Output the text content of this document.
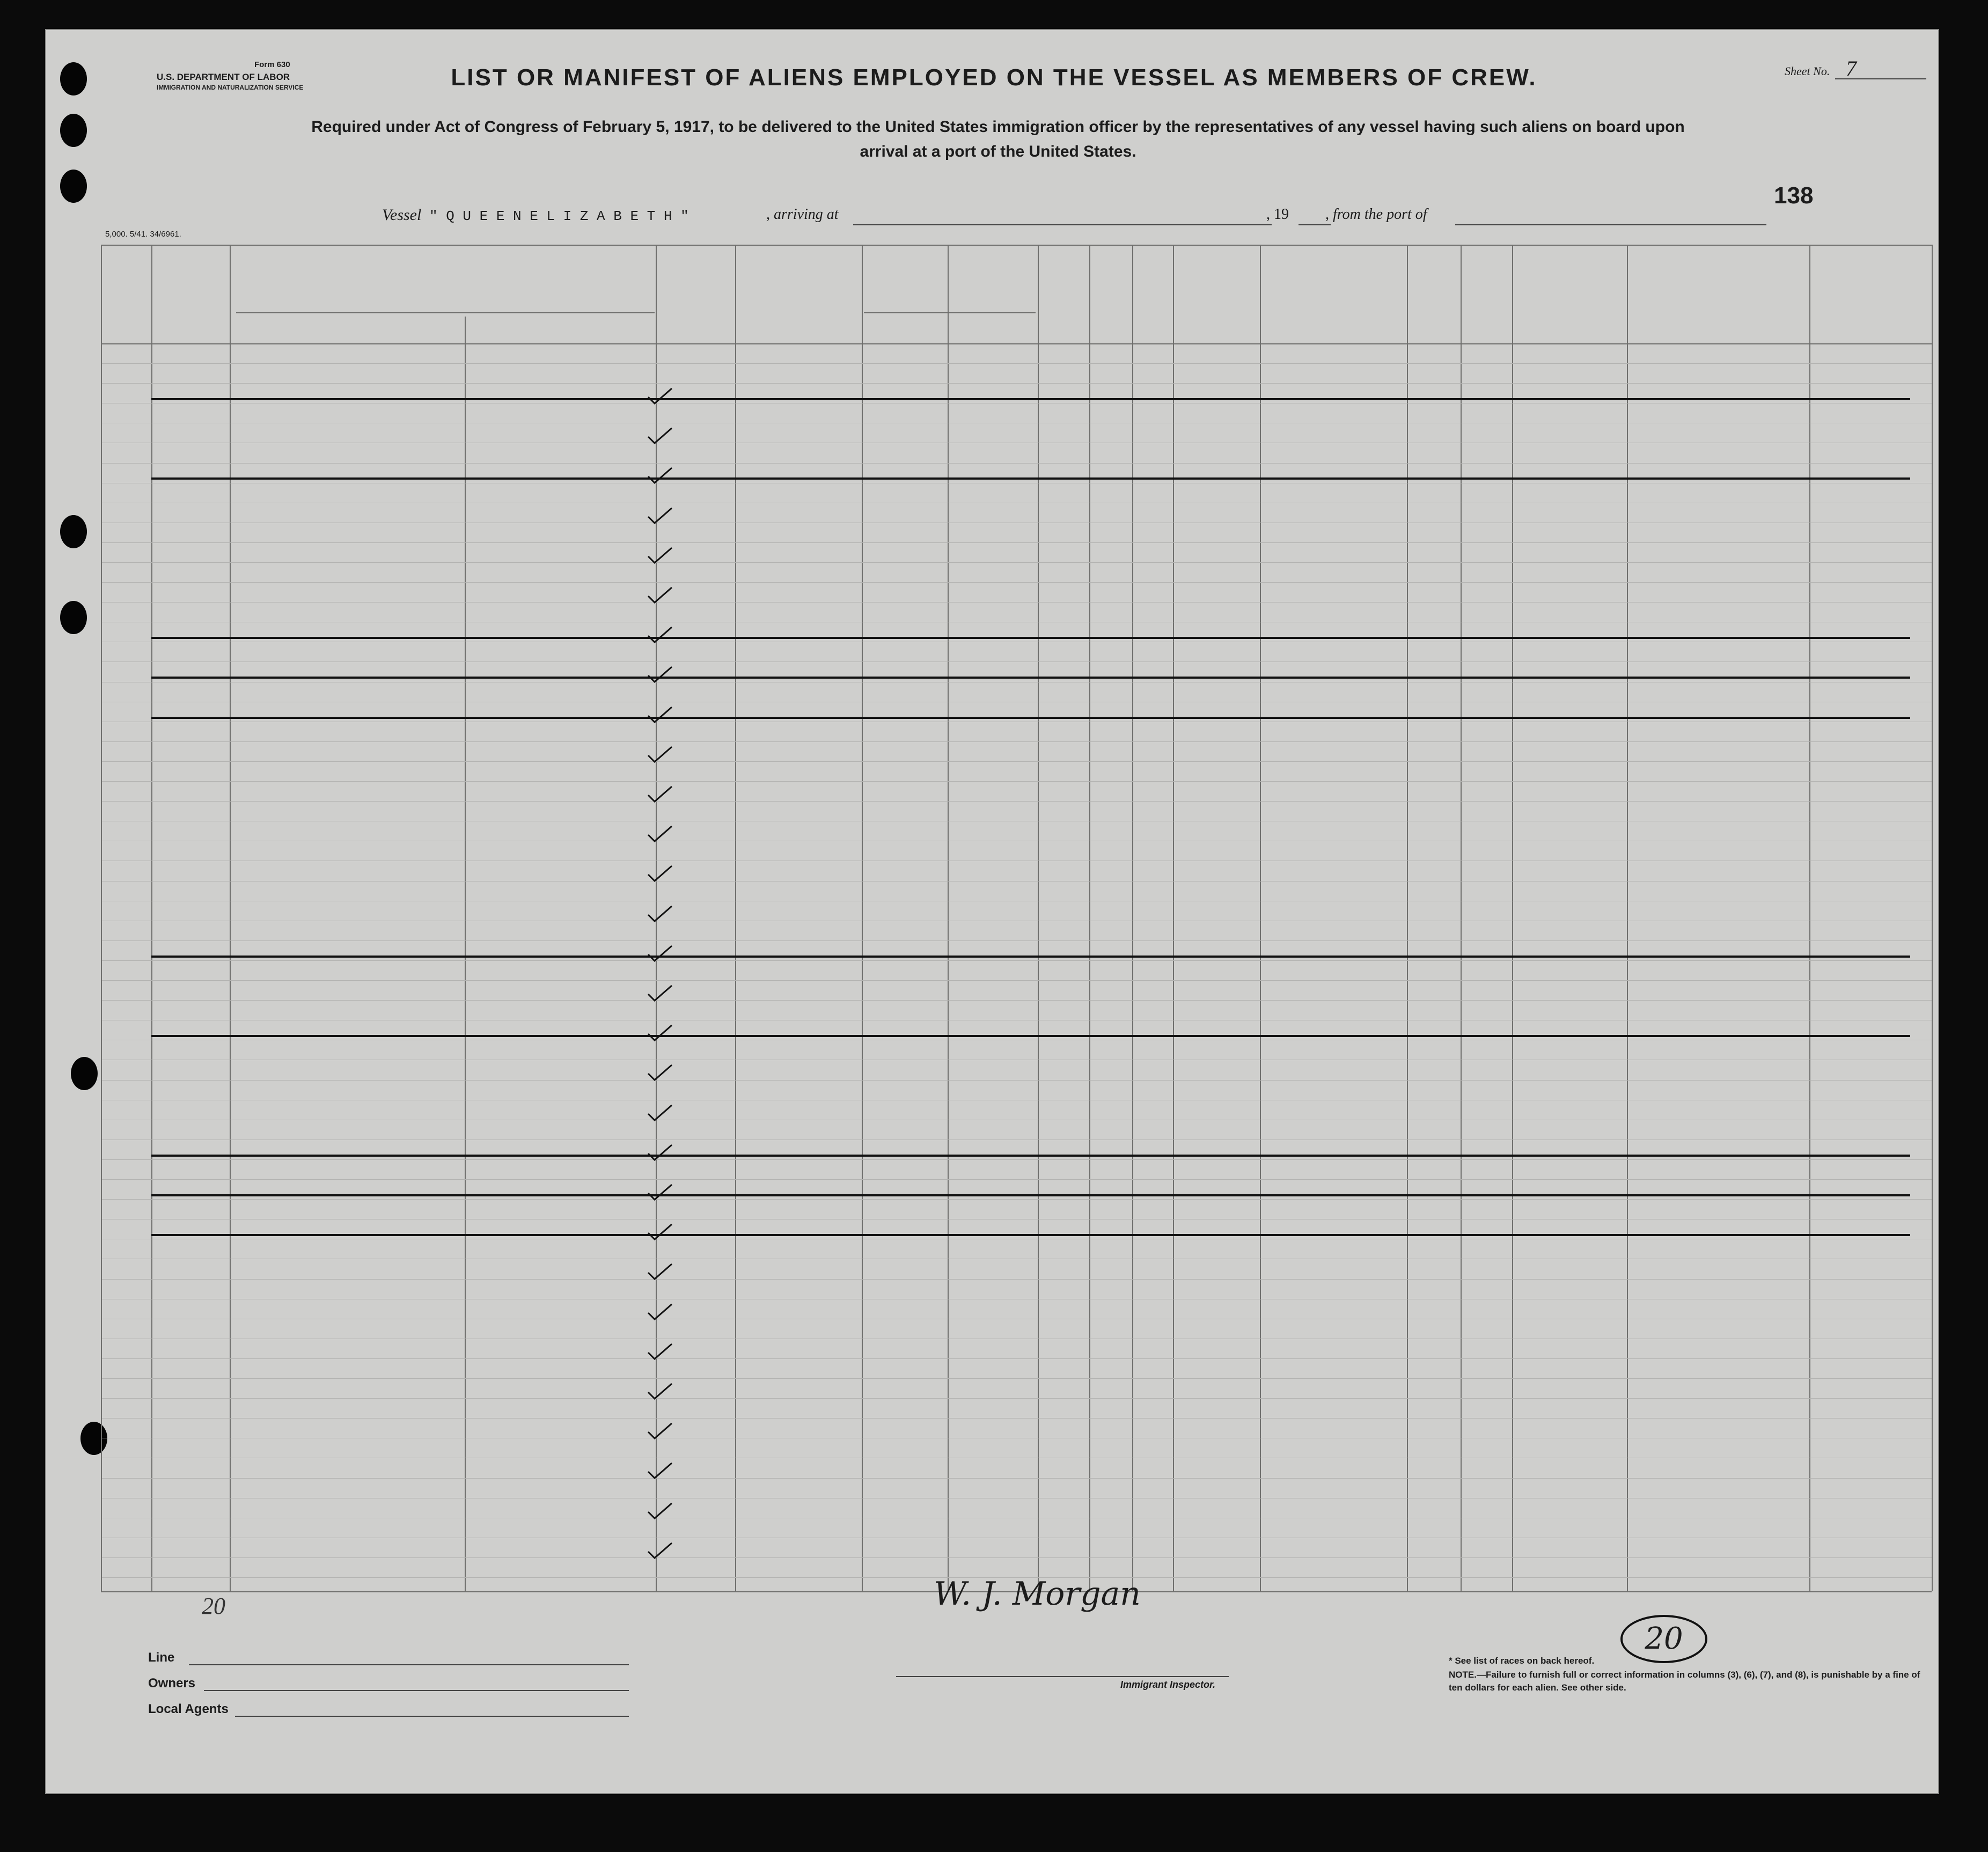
Form 630
U.S. DEPARTMENT OF LABOR
IMMIGRATION AND NATURALIZATION SERVICE
5,000. 5/41. 34/6961.
Sheet No. 7
138
LIST OR MANIFEST OF ALIENS EMPLOYED ON THE VESSEL AS MEMBERS OF CREW.
Required under Act of Congress of February 5, 1917, to be delivered to the United States immigration officer by the representatives of any vessel having such aliens on board upon arrival at a port of the United States.
Vessel " Q U E E N E L I Z A B E T H "	, arriving at	, 19 , from the port of
Line
Owners
Local Agents
W. J. Morgan
Immigrant Inspector.
20
20
* See list of races on back hereof.
NOTE.—Failure to furnish full or correct information in columns (3), (6), (7), and (8), is punishable by a fine of ten dollars for each alien. See other side.
